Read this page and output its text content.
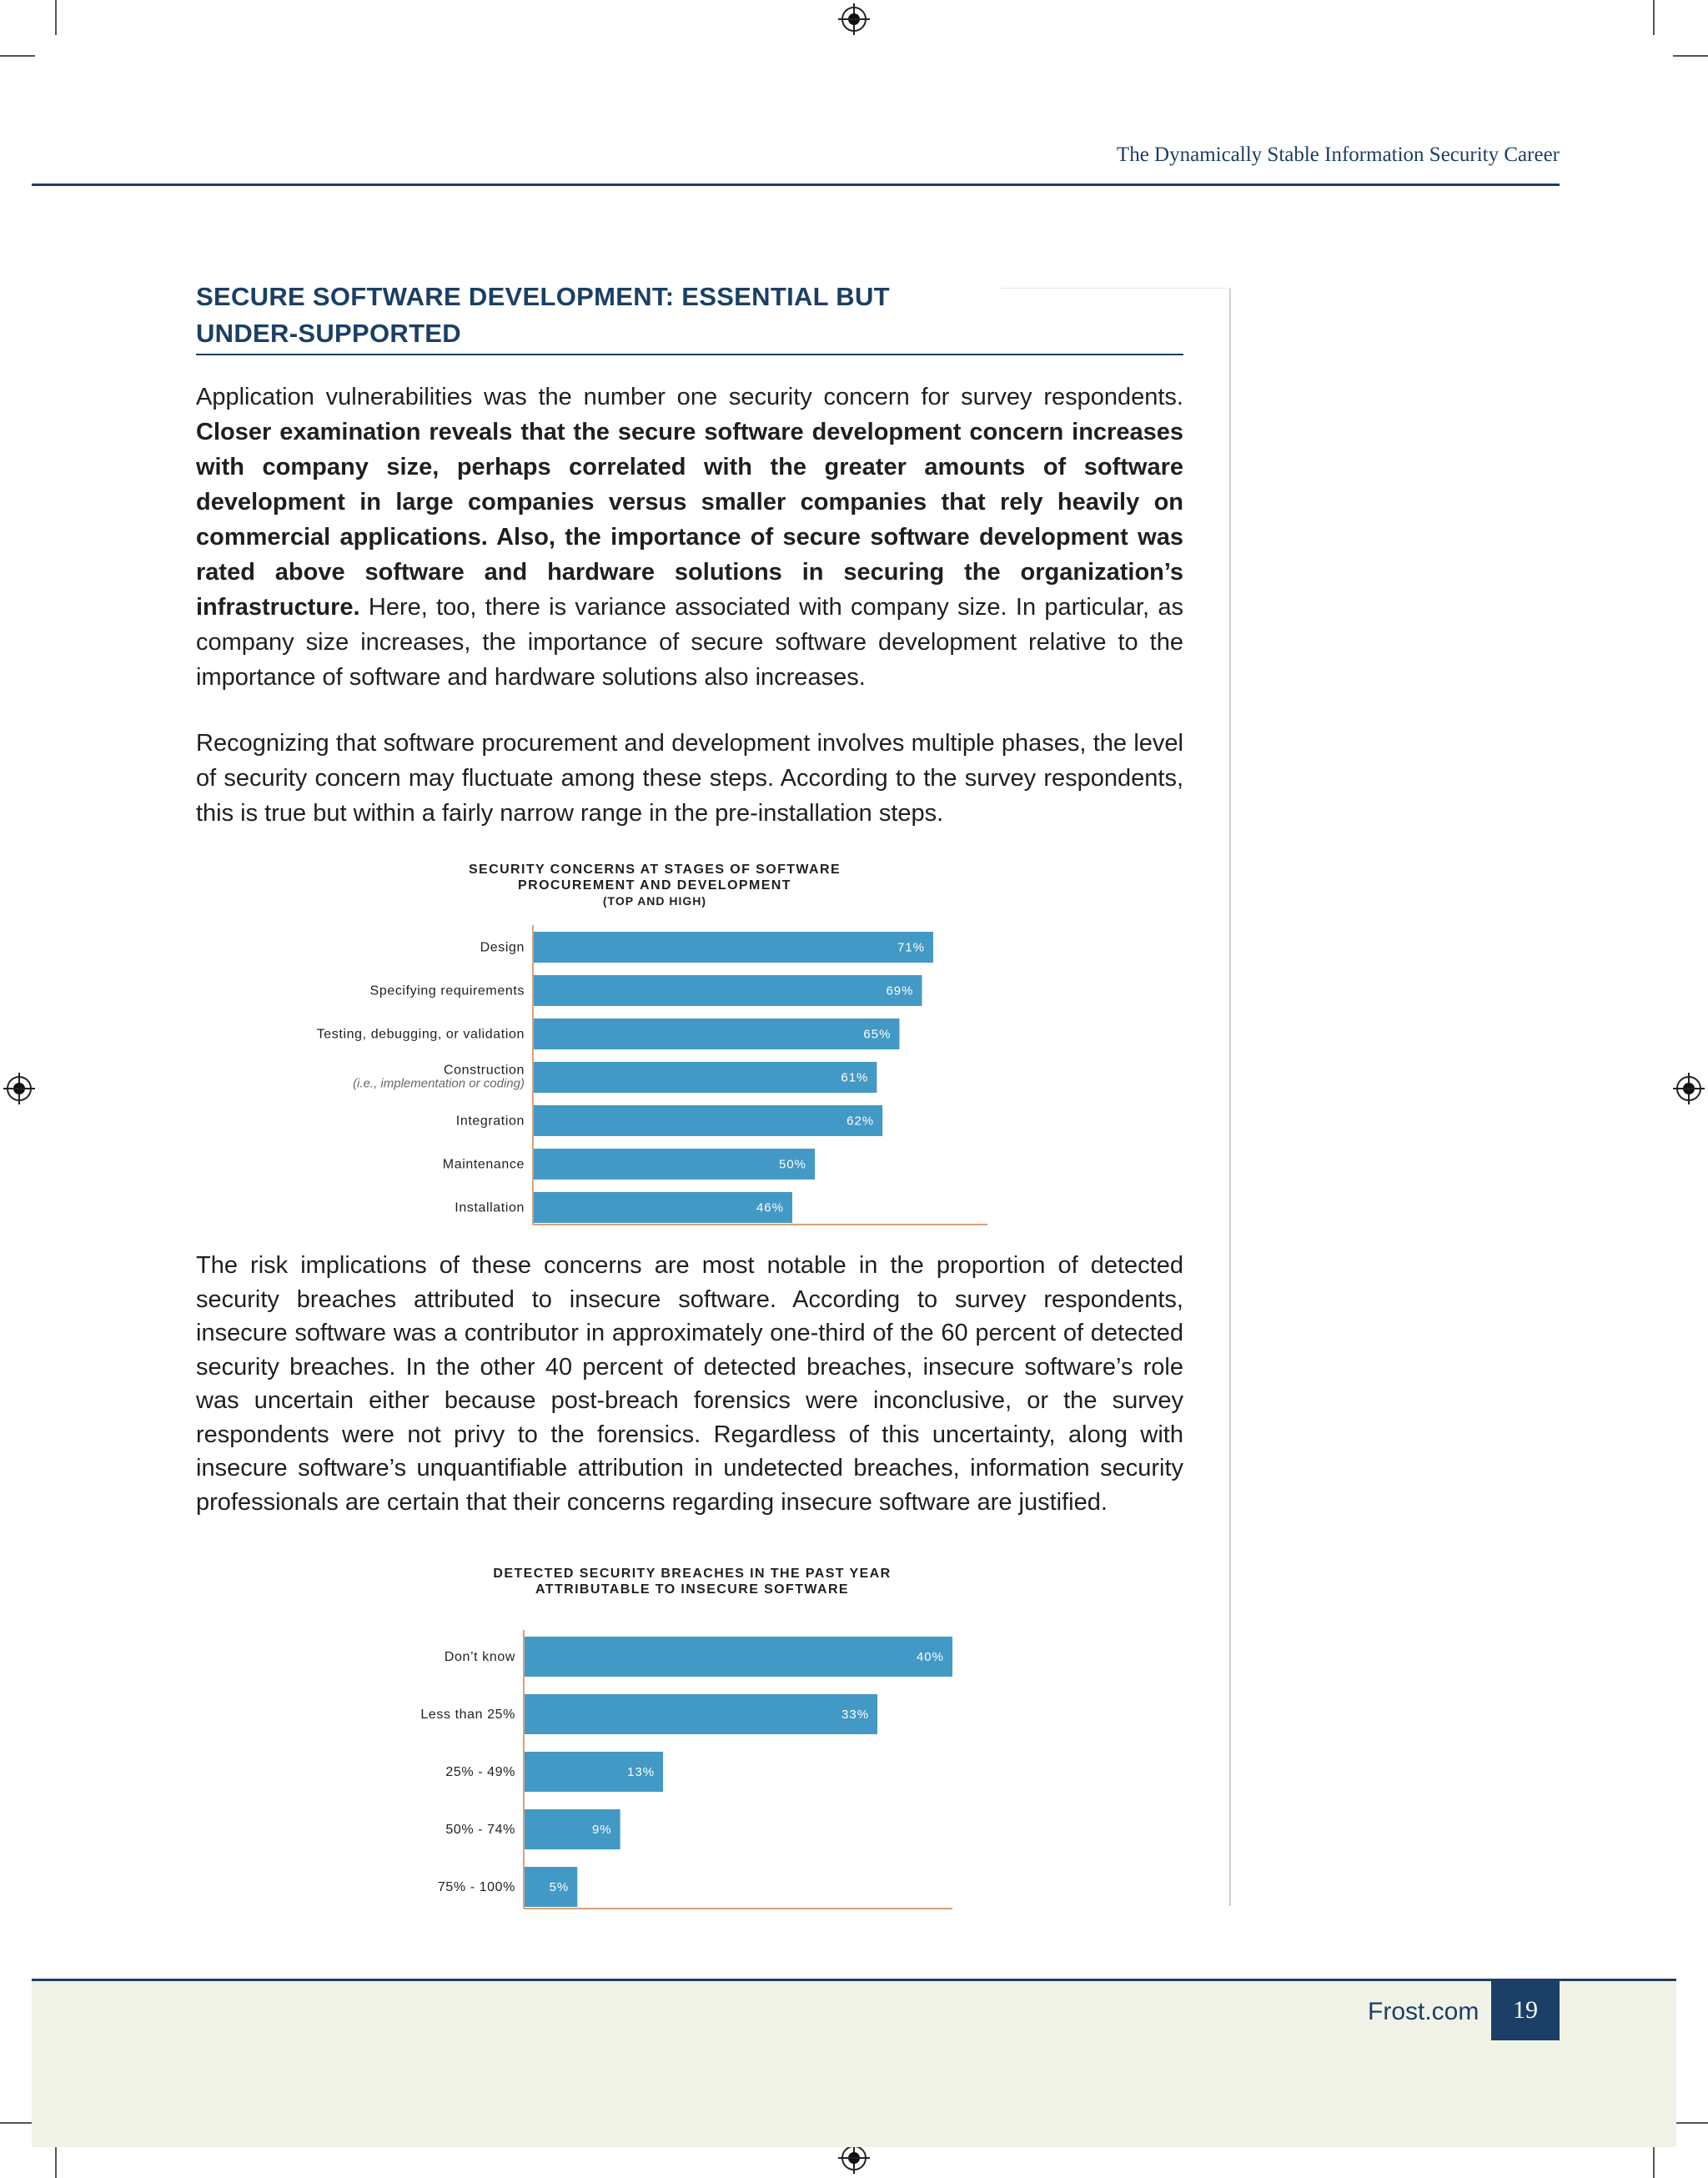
The Dynamically Stable Information Security Career
SECURE SOFTWARE DEVELOPMENT: ESSENTIAL BUT
UNDER-SUPPORTED
Application vulnerabilities was the number one security concern for survey respondents. Closer examination reveals that the secure software development concern increases with company size, perhaps correlated with the greater amounts of software development in large companies versus smaller companies that rely heavily on commercial applications. Also, the importance of secure software development was rated above software and hardware solutions in securing the organization’s infrastructure. Here, too, there is variance associated with company size. In particular, as company size increases, the importance of secure software development relative to the importance of software and hardware solutions also increases.
Recognizing that software procurement and development involves multiple phases, the level of security concern may fluctuate among these steps. According to the survey respondents, this is true but within a fairly narrow range in the pre-installation steps.
SECURITY CONCERNS AT STAGES OF SOFTWARE
PROCUREMENT AND DEVELOPMENT
(TOP AND HIGH)
71%
Design
69%
Specifying requirements
65%
Testing, debugging, or validation
61%
Construction
(i.e., implementation or coding)
62%
Integration
50%
Maintenance
46%
Installation
The risk implications of these concerns are most notable in the proportion of detected security breaches attributed to insecure software. According to survey respondents, insecure software was a contributor in approximately one-third of the 60 percent of detected security breaches. In the other 40 percent of detected breaches, insecure software’s role was uncertain either because post-breach forensics were inconclusive, or the survey respondents were not privy to the forensics. Regardless of this uncertainty, along with insecure software’s unquantifiable attribution in undetected breaches, information security professionals are certain that their concerns regarding insecure software are justified.
DETECTED SECURITY BREACHES IN THE PAST YEAR
ATTRIBUTABLE TO INSECURE SOFTWARE
40%
Don’t know
33%
Less than 25%
13%
25% - 49%
9%
50% - 74%
5%
75% - 100%
Frost.com	19
